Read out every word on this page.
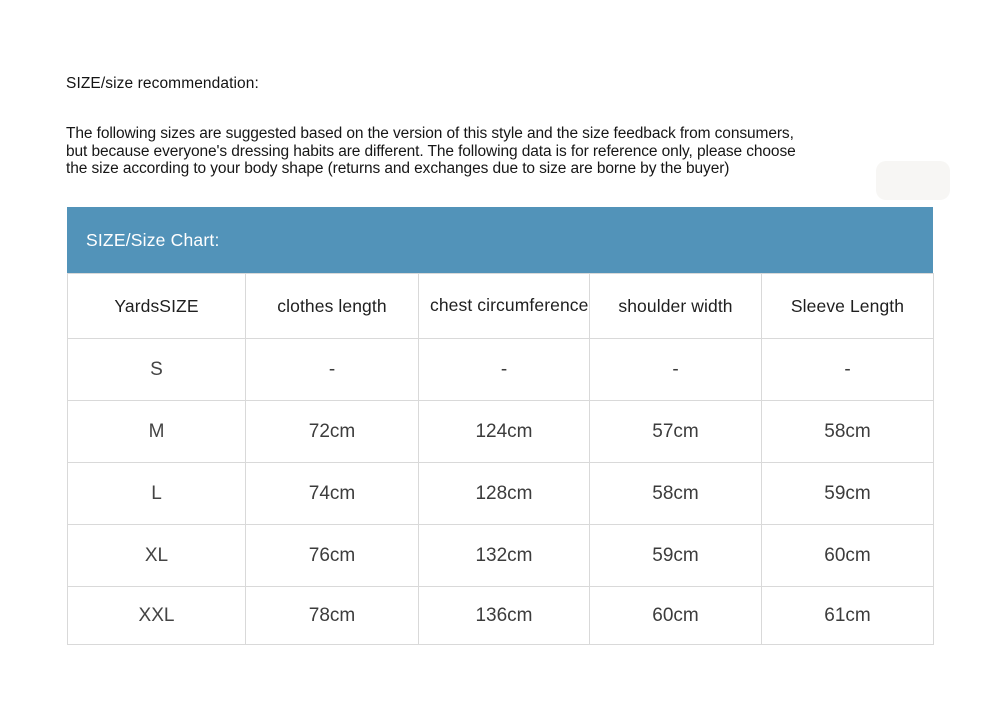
SIZE/size recommendation:
The following sizes are suggested based on the version of this style and the size feedback from consumers,
but because everyone's dressing habits are different. The following data is for reference only, please choose
the size according to your body shape (returns and exchanges due to size are borne by the buyer)
SIZE/Size Chart:
YardsSIZE	clothes length	chest circumference	shoulder width	Sleeve Length
S	-	-	-	-
M	72cm	124cm	57cm	58cm
L	74cm	128cm	58cm	59cm
XL	76cm	132cm	59cm	60cm
XXL	78cm	136cm	60cm	61cm
